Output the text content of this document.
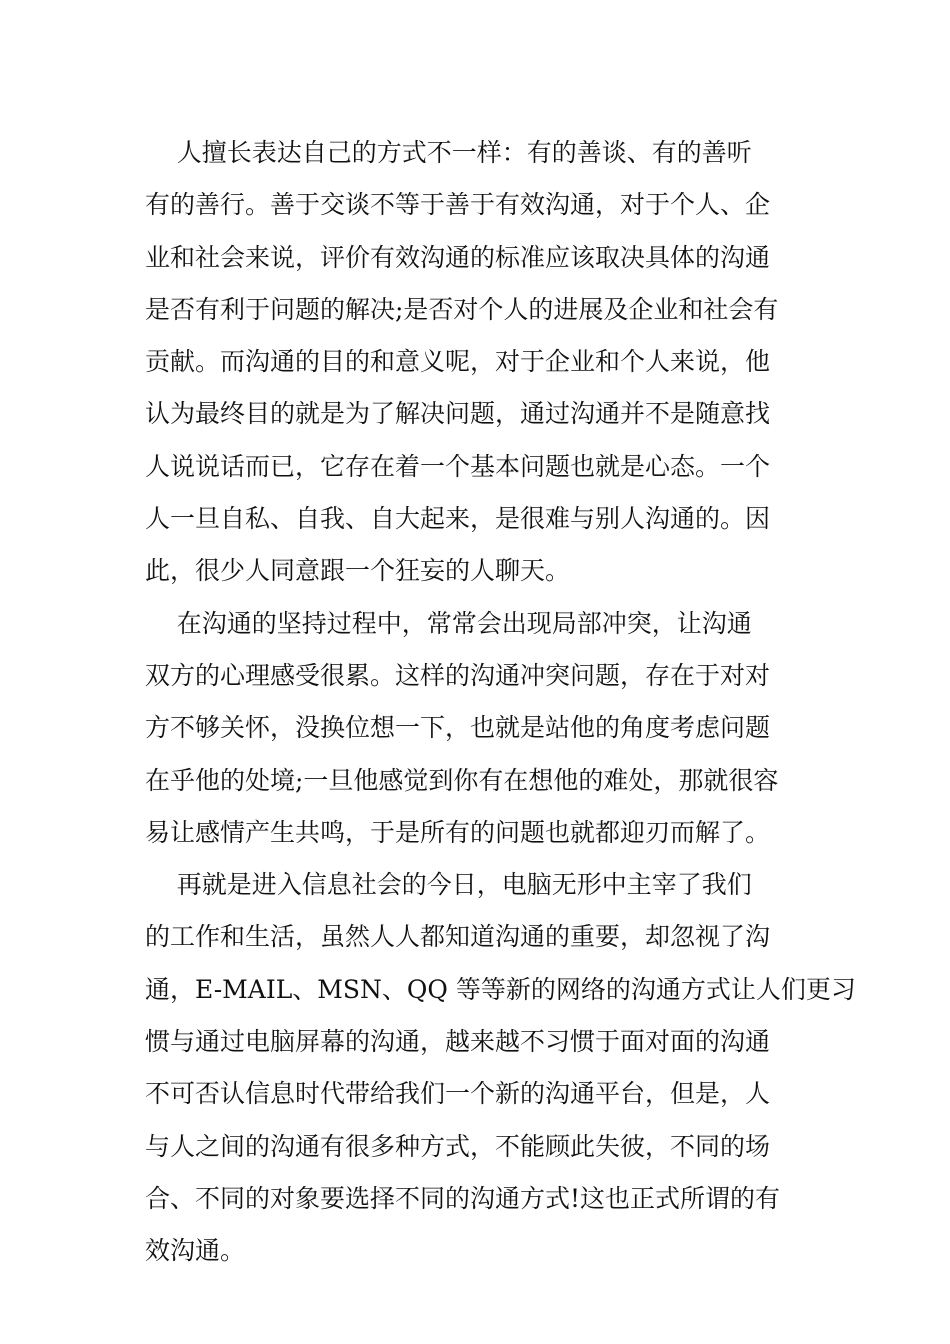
人擅长表达自己的方式不一样：有的善谈、有的善听
有的善行。善于交谈不等于善于有效沟通，对于个人、企
业和社会来说，评价有效沟通的标准应该取决具体的沟通
是否有利于问题的解决;是否对个人的进展及企业和社会有
贡献。而沟通的目的和意义呢，对于企业和个人来说，他
认为最终目的就是为了解决问题，通过沟通并不是随意找
人说说话而已，它存在着一个基本问题也就是心态。一个
人一旦自私、自我、自大起来，是很难与别人沟通的。因
此，很少人同意跟一个狂妄的人聊天。
在沟通的坚持过程中，常常会出现局部冲突，让沟通
双方的心理感受很累。这样的沟通冲突问题，存在于对对
方不够关怀，没换位想一下，也就是站他的角度考虑问题
在乎他的处境;一旦他感觉到你有在想他的难处，那就很容
易让感情产生共鸣，于是所有的问题也就都迎刃而解了。
再就是进入信息社会的今日，电脑无形中主宰了我们
的工作和生活，虽然人人都知道沟通的重要，却忽视了沟
通，E-MAIL、MSN、QQ 等等新的网络的沟通方式让人们更习
惯与通过电脑屏幕的沟通，越来越不习惯于面对面的沟通
不可否认信息时代带给我们一个新的沟通平台，但是，人
与人之间的沟通有很多种方式，不能顾此失彼，不同的场
合、不同的对象要选择不同的沟通方式!这也正式所谓的有
效沟通。
